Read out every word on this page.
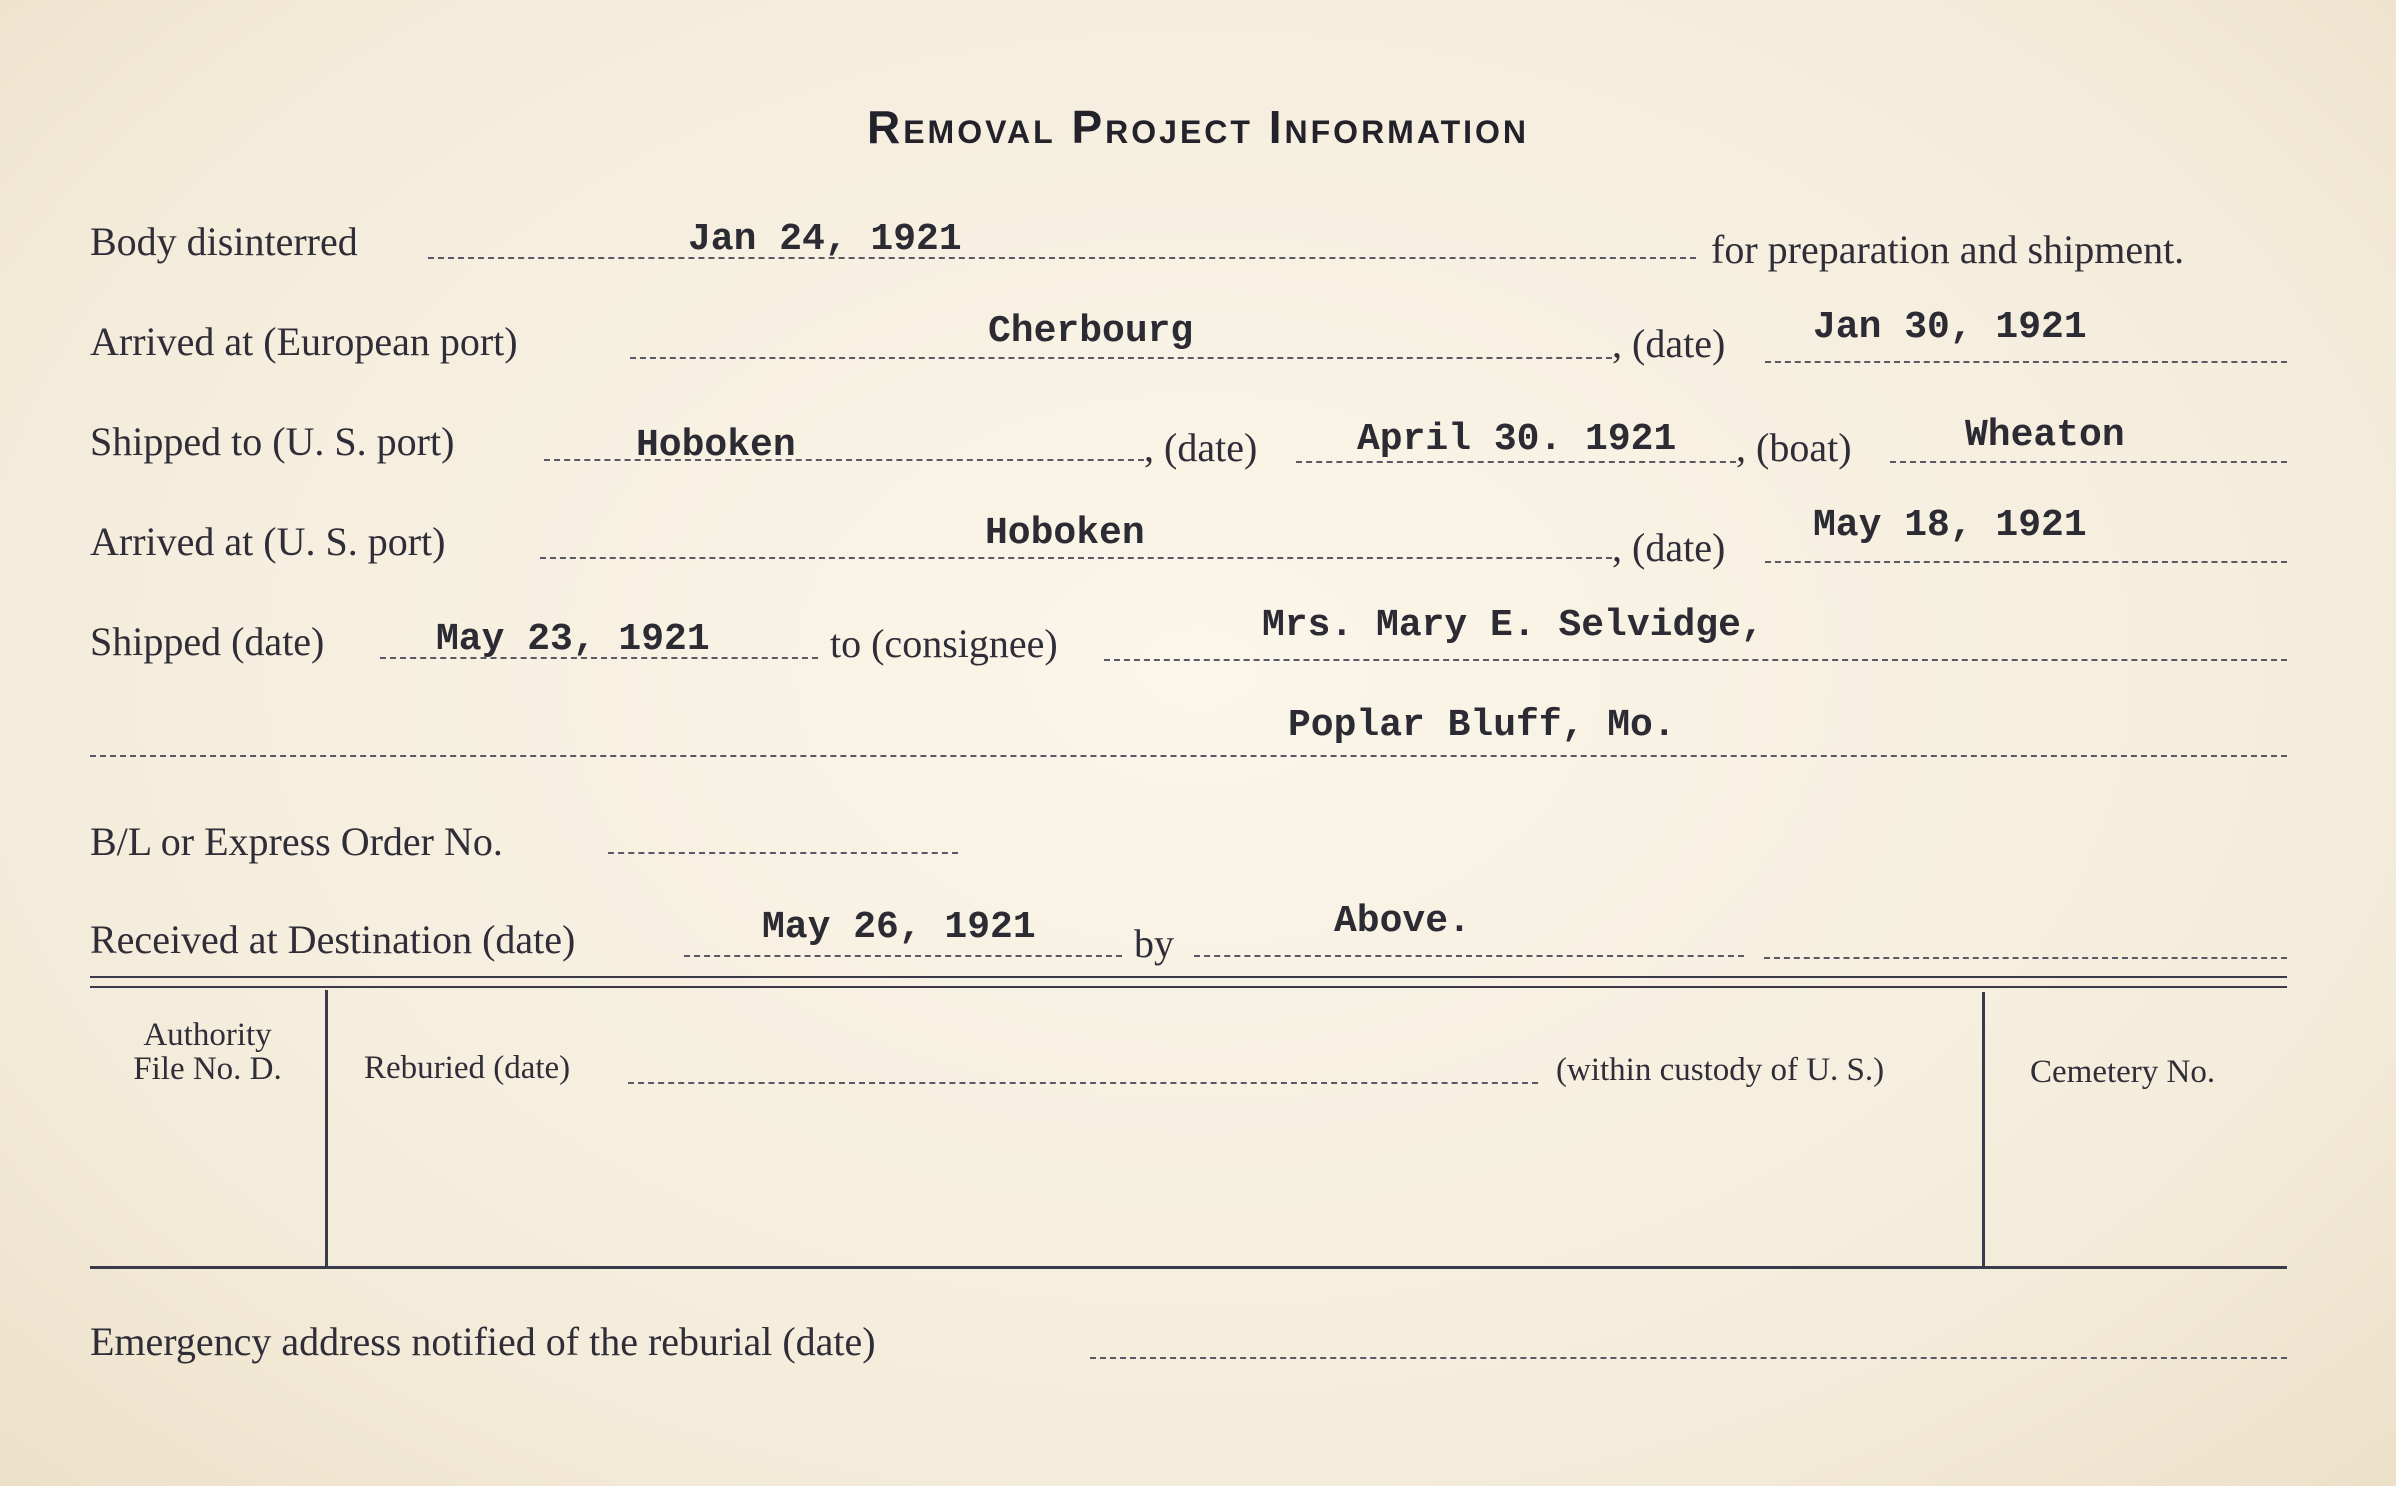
Removal Project Information
Body disinterred	Jan 24, 1921	for preparation and shipment.
Arrived at (European port)	Cherbourg	, (date) Jan 30, 1921
Shipped to (U. S. port)	Hoboken	, (date)	April 30. 1921 , (boat)	Wheaton
Arrived at (U. S. port)	Hoboken	, (date) May 18, 1921
Shipped (date)	May 23, 1921	to (consignee)	Mrs. Mary E. Selvidge,
Poplar Bluff, Mo.
B/L or Express Order No.
Received at Destination (date)	May 26, 1921 by	Above.
Authority
File No. D.	Reburied (date)	(within custody of U. S.)	Cemetery No.
Emergency address notified of the reburial (date)
